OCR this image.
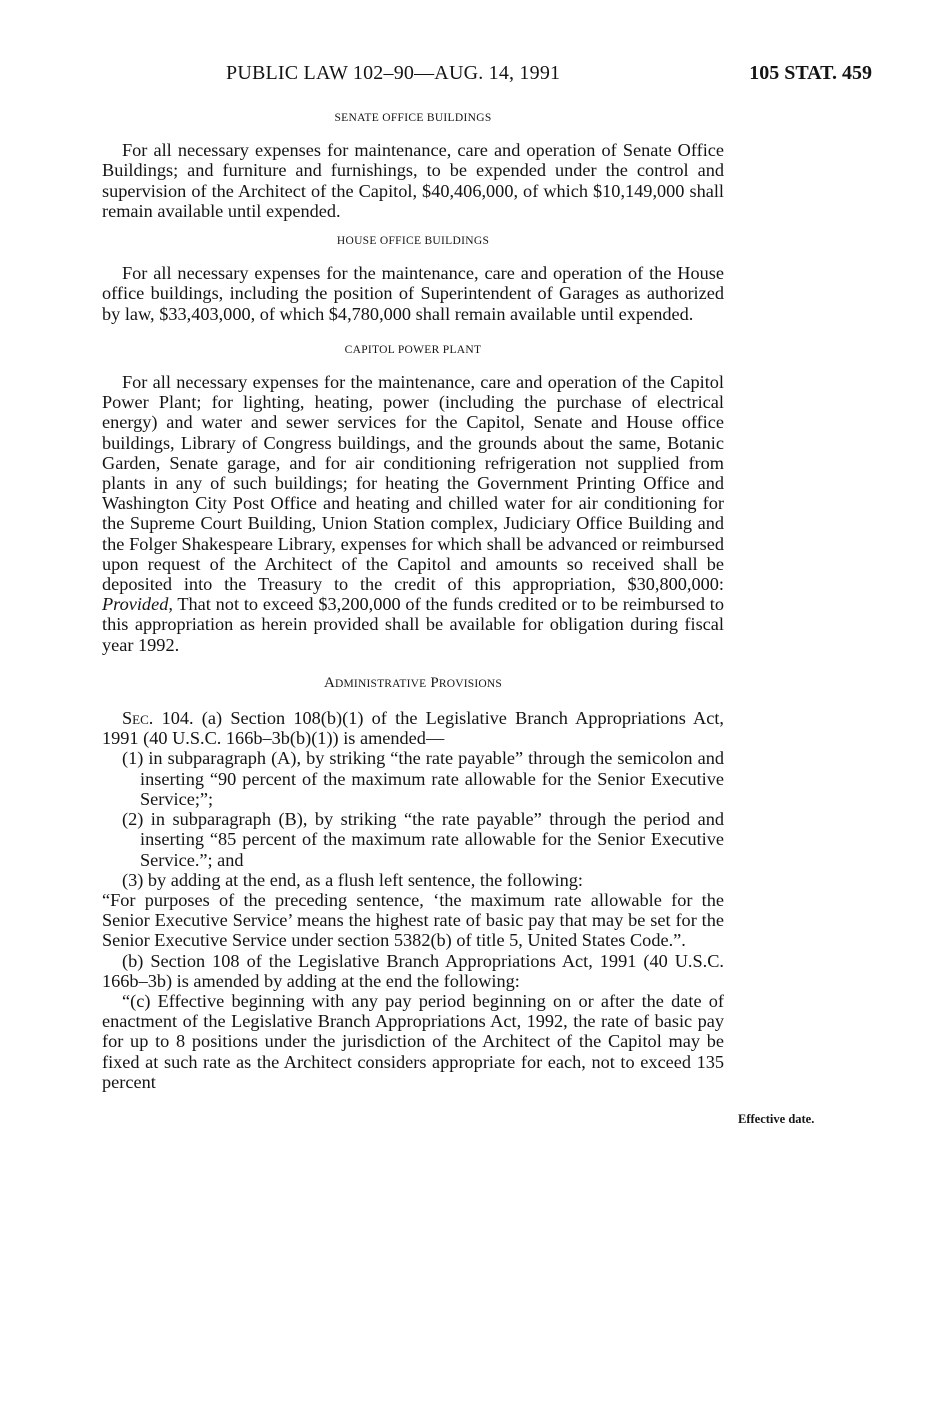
PUBLIC LAW 102–90—AUG. 14, 1991	105 STAT. 459
SENATE OFFICE BUILDINGS

For all necessary expenses for maintenance, care and operation of Senate Office Buildings; and furniture and furnishings, to be expended under the control and supervision of the Architect of the Capitol, $40,406,000, of which $10,149,000 shall remain available until expended.

HOUSE OFFICE BUILDINGS

For all necessary expenses for the maintenance, care and operation of the House office buildings, including the position of Superintendent of Garages as authorized by law, $33,403,000, of which $4,780,000 shall remain available until expended.

CAPITOL POWER PLANT

For all necessary expenses for the maintenance, care and operation of the Capitol Power Plant; for lighting, heating, power (including the purchase of electrical energy) and water and sewer services for the Capitol, Senate and House office buildings, Library of Congress buildings, and the grounds about the same, Botanic Garden, Senate garage, and for air conditioning refrigeration not supplied from plants in any of such buildings; for heating the Government Printing Office and Washington City Post Office and heating and chilled water for air conditioning for the Supreme Court Building, Union Station complex, Judiciary Office Building and the Folger Shakespeare Library, expenses for which shall be advanced or reimbursed upon request of the Architect of the Capitol and amounts so received shall be deposited into the Treasury to the credit of this appropriation, $30,800,000: Provided, That not to exceed $3,200,000 of the funds credited or to be reimbursed to this appropriation as herein provided shall be available for obligation during fiscal year 1992.

ADMINISTRATIVE PROVISIONS

Sec. 104. (a) Section 108(b)(1) of the Legislative Branch Appropriations Act, 1991 (40 U.S.C. 166b–3b(b)(1)) is amended—

(1) in subparagraph (A), by striking “the rate payable” through the semicolon and inserting “90 percent of the maximum rate allowable for the Senior Executive Service;”;

(2) in subparagraph (B), by striking “the rate payable” through the period and inserting “85 percent of the maximum rate allowable for the Senior Executive Service.”; and

(3) by adding at the end, as a flush left sentence, the following:

“For purposes of the preceding sentence, ‘the maximum rate allowable for the Senior Executive Service’ means the highest rate of basic pay that may be set for the Senior Executive Service under section 5382(b) of title 5, United States Code.”.

(b) Section 108 of the Legislative Branch Appropriations Act, 1991 (40 U.S.C. 166b–3b) is amended by adding at the end the following:

“(c) Effective beginning with any pay period beginning on or after the date of enactment of the Legislative Branch Appropriations Act, 1992, the rate of basic pay for up to 8 positions under the jurisdiction of the Architect of the Capitol may be fixed at such rate as the Architect considers appropriate for each, not to exceed 135 percent

Effective date.
